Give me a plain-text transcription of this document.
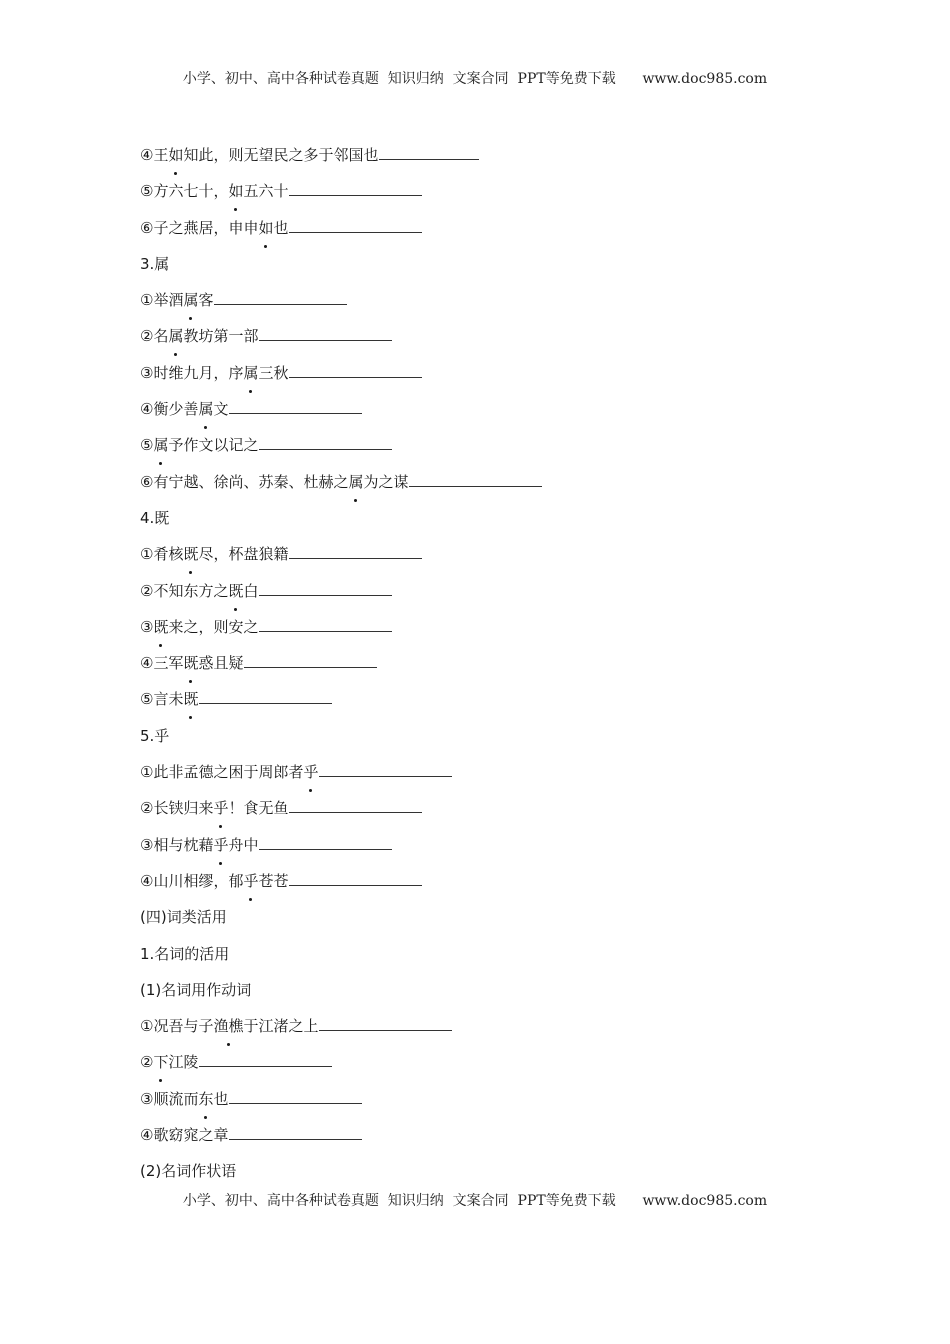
小学、初中、高中各种试卷真题  知识归纳  文案合同  PPT等免费下载      www.doc985.com
④王如知此，则无望民之多于邻国也
⑤方六七十，如五六十
⑥子之燕居，申申如也
3.属
①举酒属客
②名属教坊第一部
③时维九月，序属三秋
④衡少善属文
⑤属予作文以记之
⑥有宁越、徐尚、苏秦、杜赫之属为之谋
4.既
①肴核既尽，杯盘狼籍
②不知东方之既白
③既来之，则安之
④三军既惑且疑
⑤言未既
5.乎
①此非孟德之困于周郎者乎
②长铗归来乎！食无鱼
③相与枕藉乎舟中
④山川相缪，郁乎苍苍
(四)词类活用
1.名词的活用
(1)名词用作动词
①况吾与子渔樵于江渚之上
②下江陵
③顺流而东也
④歌窈窕之章
(2)名词作状语
小学、初中、高中各种试卷真题  知识归纳  文案合同  PPT等免费下载      www.doc985.com
